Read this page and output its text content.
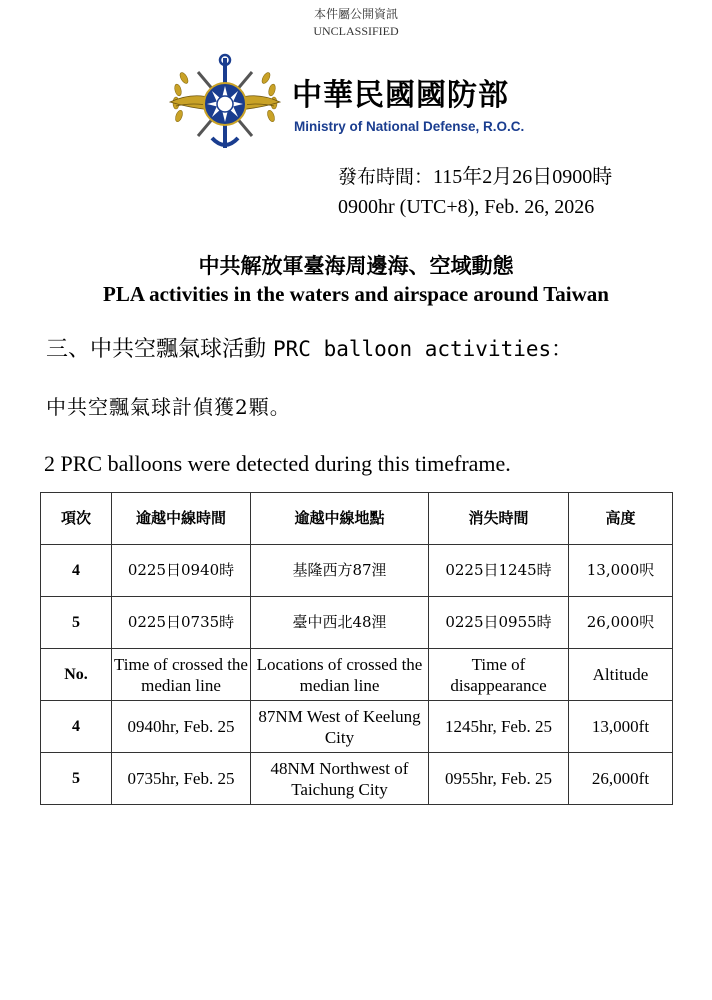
本件屬公開資訊
UNCLASSIFIED
中華民國國防部
Ministry of National Defense, R.O.C.
發布時間：115年2月26日0900時
0900hr (UTC+8), Feb. 26, 2026
中共解放軍臺海周邊海、空域動態
PLA activities in the waters and airspace around Taiwan
三、中共空飄氣球活動 PRC balloon activities：
中共空飄氣球計偵獲2顆。
2 PRC balloons were detected during this timeframe.
項次	逾越中線時間	逾越中線地點	消失時間	高度
4	0225日0940時	基隆西方87浬	0225日1245時	13,000呎
5	0225日0735時	臺中西北48浬	0225日0955時	26,000呎
No.	Time of crossed the median line	Locations of crossed the median line	Time of disappearance	Altitude
4	0940hr, Feb. 25	87NM West of Keelung City	1245hr, Feb. 25	13,000ft
5	0735hr, Feb. 25	48NM Northwest of Taichung City	0955hr, Feb. 25	26,000ft
